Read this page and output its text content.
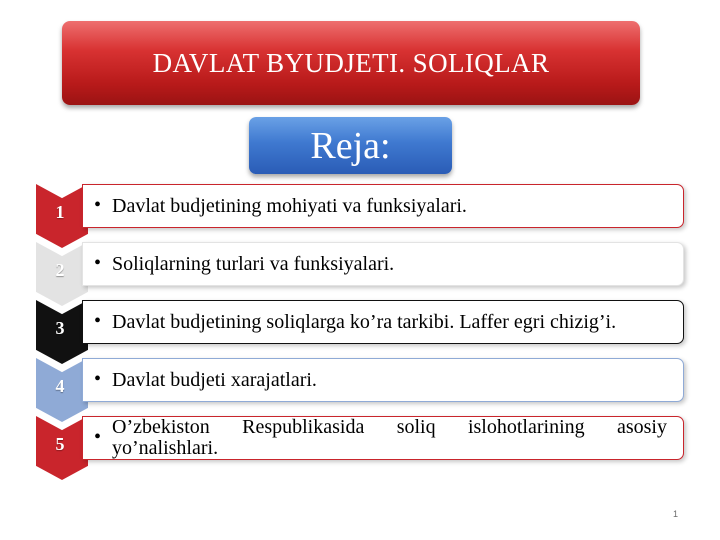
DAVLAT BYUDJETI. SOLIQLAR
Reja:
1	• Davlat budjetining mohiyati va funksiyalari.
2	• Soliqlarning turlari va funksiyalari.
3	• Davlat budjetining soliqlarga ko’ra tarkibi. Laffer egri chizig’i.
4	• Davlat budjeti xarajatlari.
5	• O’zbekiston Respublikasida soliq islohotlarining asosiy yo’nalishlari.
1
